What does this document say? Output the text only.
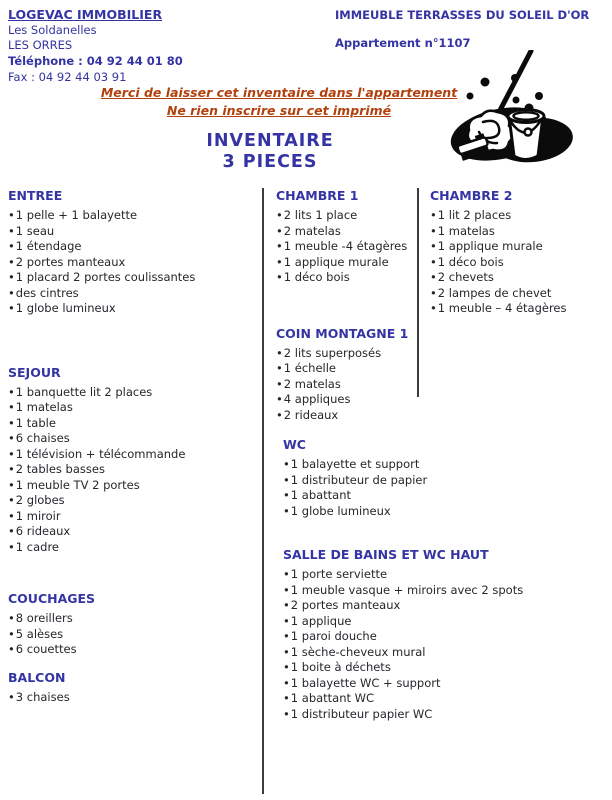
LOGEVAC IMMOBILIER
Les Soldanelles
LES ORRES
Téléphone : 04 92 44 01 80
Fax : 04 92 44 03 91
IMMEUBLE TERRASSES DU SOLEIL D'OR
Appartement n°1107
Merci de laisser cet inventaire dans l'appartement
Ne rien inscrire sur cet imprimé
INVENTAIRE
3 PIECES
ENTREE
•1 pelle + 1 balayette
•1 seau
•1 étendage
•2 portes manteaux
•1 placard 2 portes coulissantes
•des cintres
•1 globe lumineux
SEJOUR
•1 banquette lit 2 places
•1 matelas
•1 table
•6 chaises
•1 télévision + télécommande
•2 tables basses
•1 meuble TV 2 portes
•2 globes
•1 miroir
•6 rideaux
•1 cadre
COUCHAGES
•8 oreillers
•5 alèses
•6 couettes
BALCON
•3 chaises
CHAMBRE 1
•2 lits 1 place
•2 matelas
•1 meuble -4 étagères
•1 applique murale
•1 déco bois
COIN MONTAGNE 1
•2 lits superposés
•1 échelle
•2 matelas
•4 appliques
•2 rideaux
WC
•1 balayette et support
•1 distributeur de papier
•1 abattant
•1 globe lumineux
SALLE DE BAINS ET WC HAUT
•1 porte serviette
•1 meuble vasque + miroirs avec 2 spots
•2 portes manteaux
•1 applique
•1 paroi douche
•1 sèche-cheveux mural
•1 boite à déchets
•1 balayette WC + support
•1 abattant WC
•1 distributeur papier WC
CHAMBRE 2
•1 lit 2 places
•1 matelas
•1 applique murale
•1 déco bois
•2 chevets
•2 lampes de chevet
•1 meuble – 4 étagères
